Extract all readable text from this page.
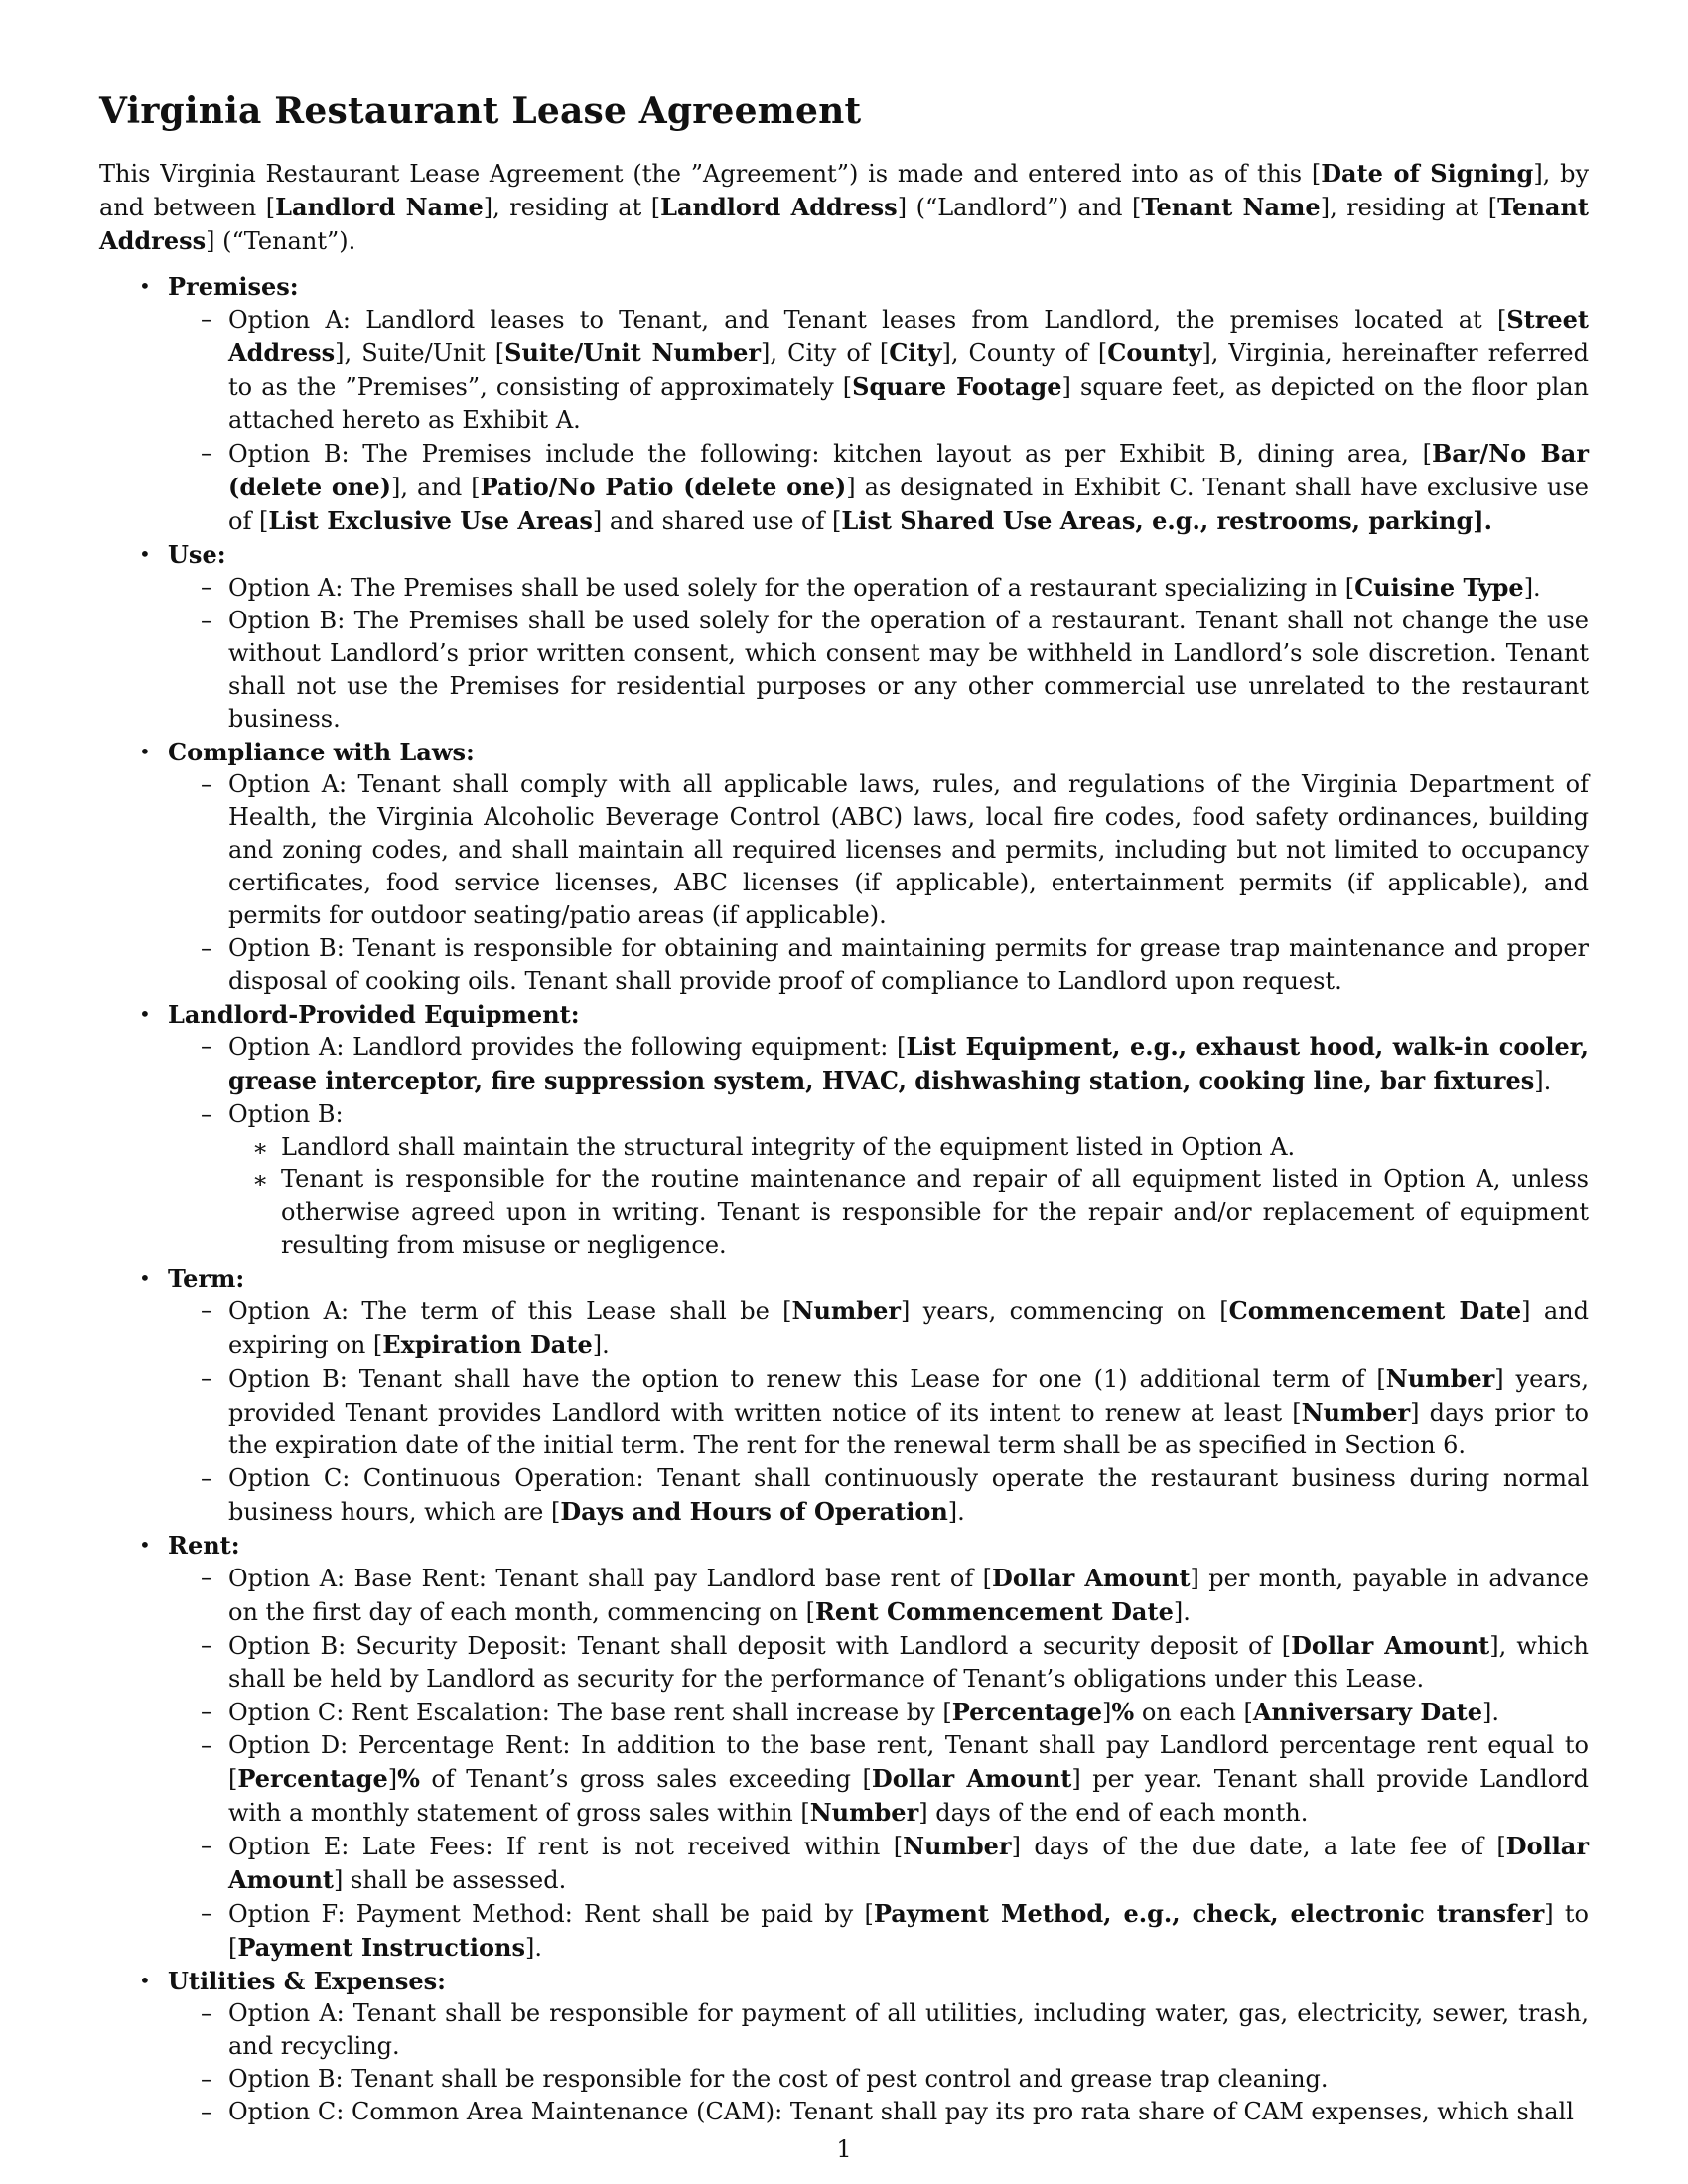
Virginia Restaurant Lease Agreement

This Virginia Restaurant Lease Agreement (the ”Agreement”) is made and entered into as of this [Date of Signing], by and between [Landlord Name], residing at [Landlord Address] (“Landlord”) and [Tenant Name], residing at [Tenant Address] (“Tenant”).

• Premises:
– Option A: Landlord leases to Tenant, and Tenant leases from Landlord, the premises located at [Street Address], Suite/Unit [Suite/Unit Number], City of [City], County of [County], Virginia, hereinafter referred to as the ”Premises”, consisting of approximately [Square Footage] square feet, as depicted on the floor plan attached hereto as Exhibit A.
– Option B: The Premises include the following: kitchen layout as per Exhibit B, dining area, [Bar/No Bar (delete one)], and [Patio/No Patio (delete one)] as designated in Exhibit C. Tenant shall have exclusive use of [List Exclusive Use Areas] and shared use of [List Shared Use Areas, e.g., restrooms, parking].
• Use:
– Option A: The Premises shall be used solely for the operation of a restaurant specializing in [Cuisine Type].
– Option B: The Premises shall be used solely for the operation of a restaurant. Tenant shall not change the use without Landlord’s prior written consent, which consent may be withheld in Landlord’s sole discretion. Tenant shall not use the Premises for residential purposes or any other commercial use unrelated to the restaurant business.
• Compliance with Laws:
– Option A: Tenant shall comply with all applicable laws, rules, and regulations of the Virginia Department of Health, the Virginia Alcoholic Beverage Control (ABC) laws, local fire codes, food safety ordinances, building and zoning codes, and shall maintain all required licenses and permits, including but not limited to occupancy certificates, food service licenses, ABC licenses (if applicable), entertainment permits (if applicable), and permits for outdoor seating/patio areas (if applicable).
– Option B: Tenant is responsible for obtaining and maintaining permits for grease trap maintenance and proper disposal of cooking oils. Tenant shall provide proof of compliance to Landlord upon request.
• Landlord-Provided Equipment:
– Option A: Landlord provides the following equipment: [List Equipment, e.g., exhaust hood, walk-in cooler, grease interceptor, fire suppression system, HVAC, dishwashing station, cooking line, bar fixtures].
– Option B:
∗ Landlord shall maintain the structural integrity of the equipment listed in Option A.
∗ Tenant is responsible for the routine maintenance and repair of all equipment listed in Option A, unless otherwise agreed upon in writing. Tenant is responsible for the repair and/or replacement of equipment resulting from misuse or negligence.
• Term:
– Option A: The term of this Lease shall be [Number] years, commencing on [Commencement Date] and expiring on [Expiration Date].
– Option B: Tenant shall have the option to renew this Lease for one (1) additional term of [Number] years, provided Tenant provides Landlord with written notice of its intent to renew at least [Number] days prior to the expiration date of the initial term. The rent for the renewal term shall be as specified in Section 6.
– Option C: Continuous Operation: Tenant shall continuously operate the restaurant business during normal business hours, which are [Days and Hours of Operation].
• Rent:
– Option A: Base Rent: Tenant shall pay Landlord base rent of [Dollar Amount] per month, payable in advance on the first day of each month, commencing on [Rent Commencement Date].
– Option B: Security Deposit: Tenant shall deposit with Landlord a security deposit of [Dollar Amount], which shall be held by Landlord as security for the performance of Tenant’s obligations under this Lease.
– Option C: Rent Escalation: The base rent shall increase by [Percentage]% on each [Anniversary Date].
– Option D: Percentage Rent: In addition to the base rent, Tenant shall pay Landlord percentage rent equal to [Percentage]% of Tenant’s gross sales exceeding [Dollar Amount] per year. Tenant shall provide Landlord with a monthly statement of gross sales within [Number] days of the end of each month.
– Option E: Late Fees: If rent is not received within [Number] days of the due date, a late fee of [Dollar Amount] shall be assessed.
– Option F: Payment Method: Rent shall be paid by [Payment Method, e.g., check, electronic transfer] to [Payment Instructions].
• Utilities & Expenses:
– Option A: Tenant shall be responsible for payment of all utilities, including water, gas, electricity, sewer, trash, and recycling.
– Option B: Tenant shall be responsible for the cost of pest control and grease trap cleaning.
– Option C: Common Area Maintenance (CAM): Tenant shall pay its pro rata share of CAM expenses, which shall
1
